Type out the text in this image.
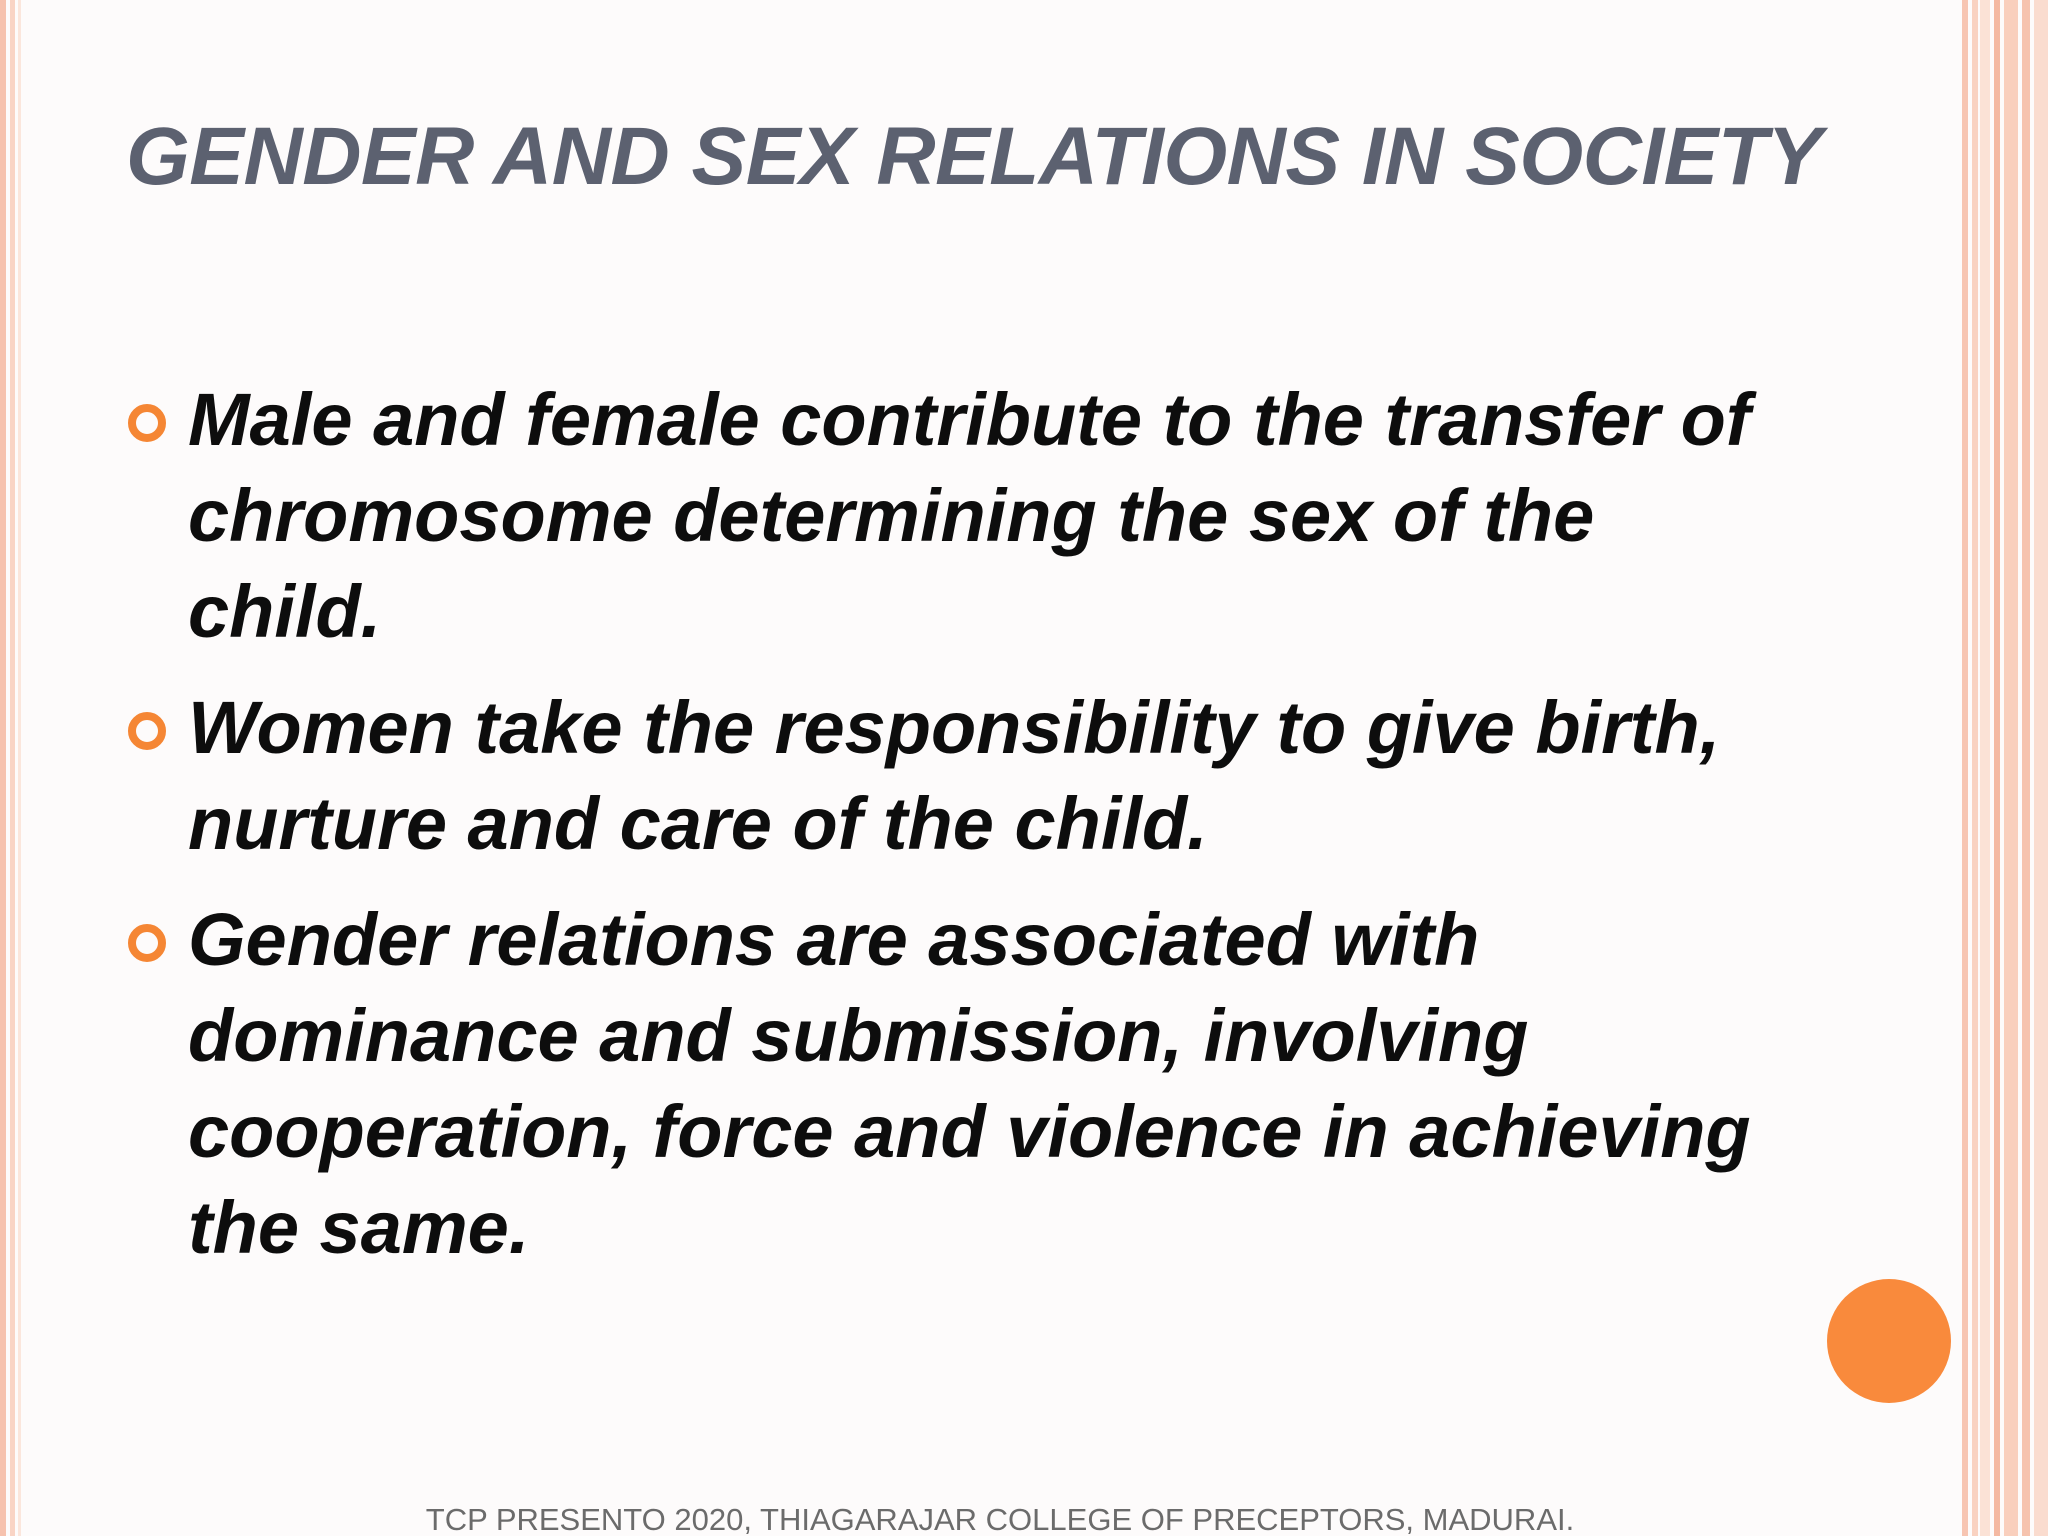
GENDER AND SEX RELATIONS IN SOCIETY
Male and female contribute to the transfer of chromosome determining the sex of the child.
Women take the responsibility to give birth, nurture and care of the child.
Gender relations are associated with dominance and submission, involving cooperation, force and violence in achieving the same.
TCP PRESENTO 2020, THIAGARAJAR COLLEGE OF PRECEPTORS, MADURAI.
